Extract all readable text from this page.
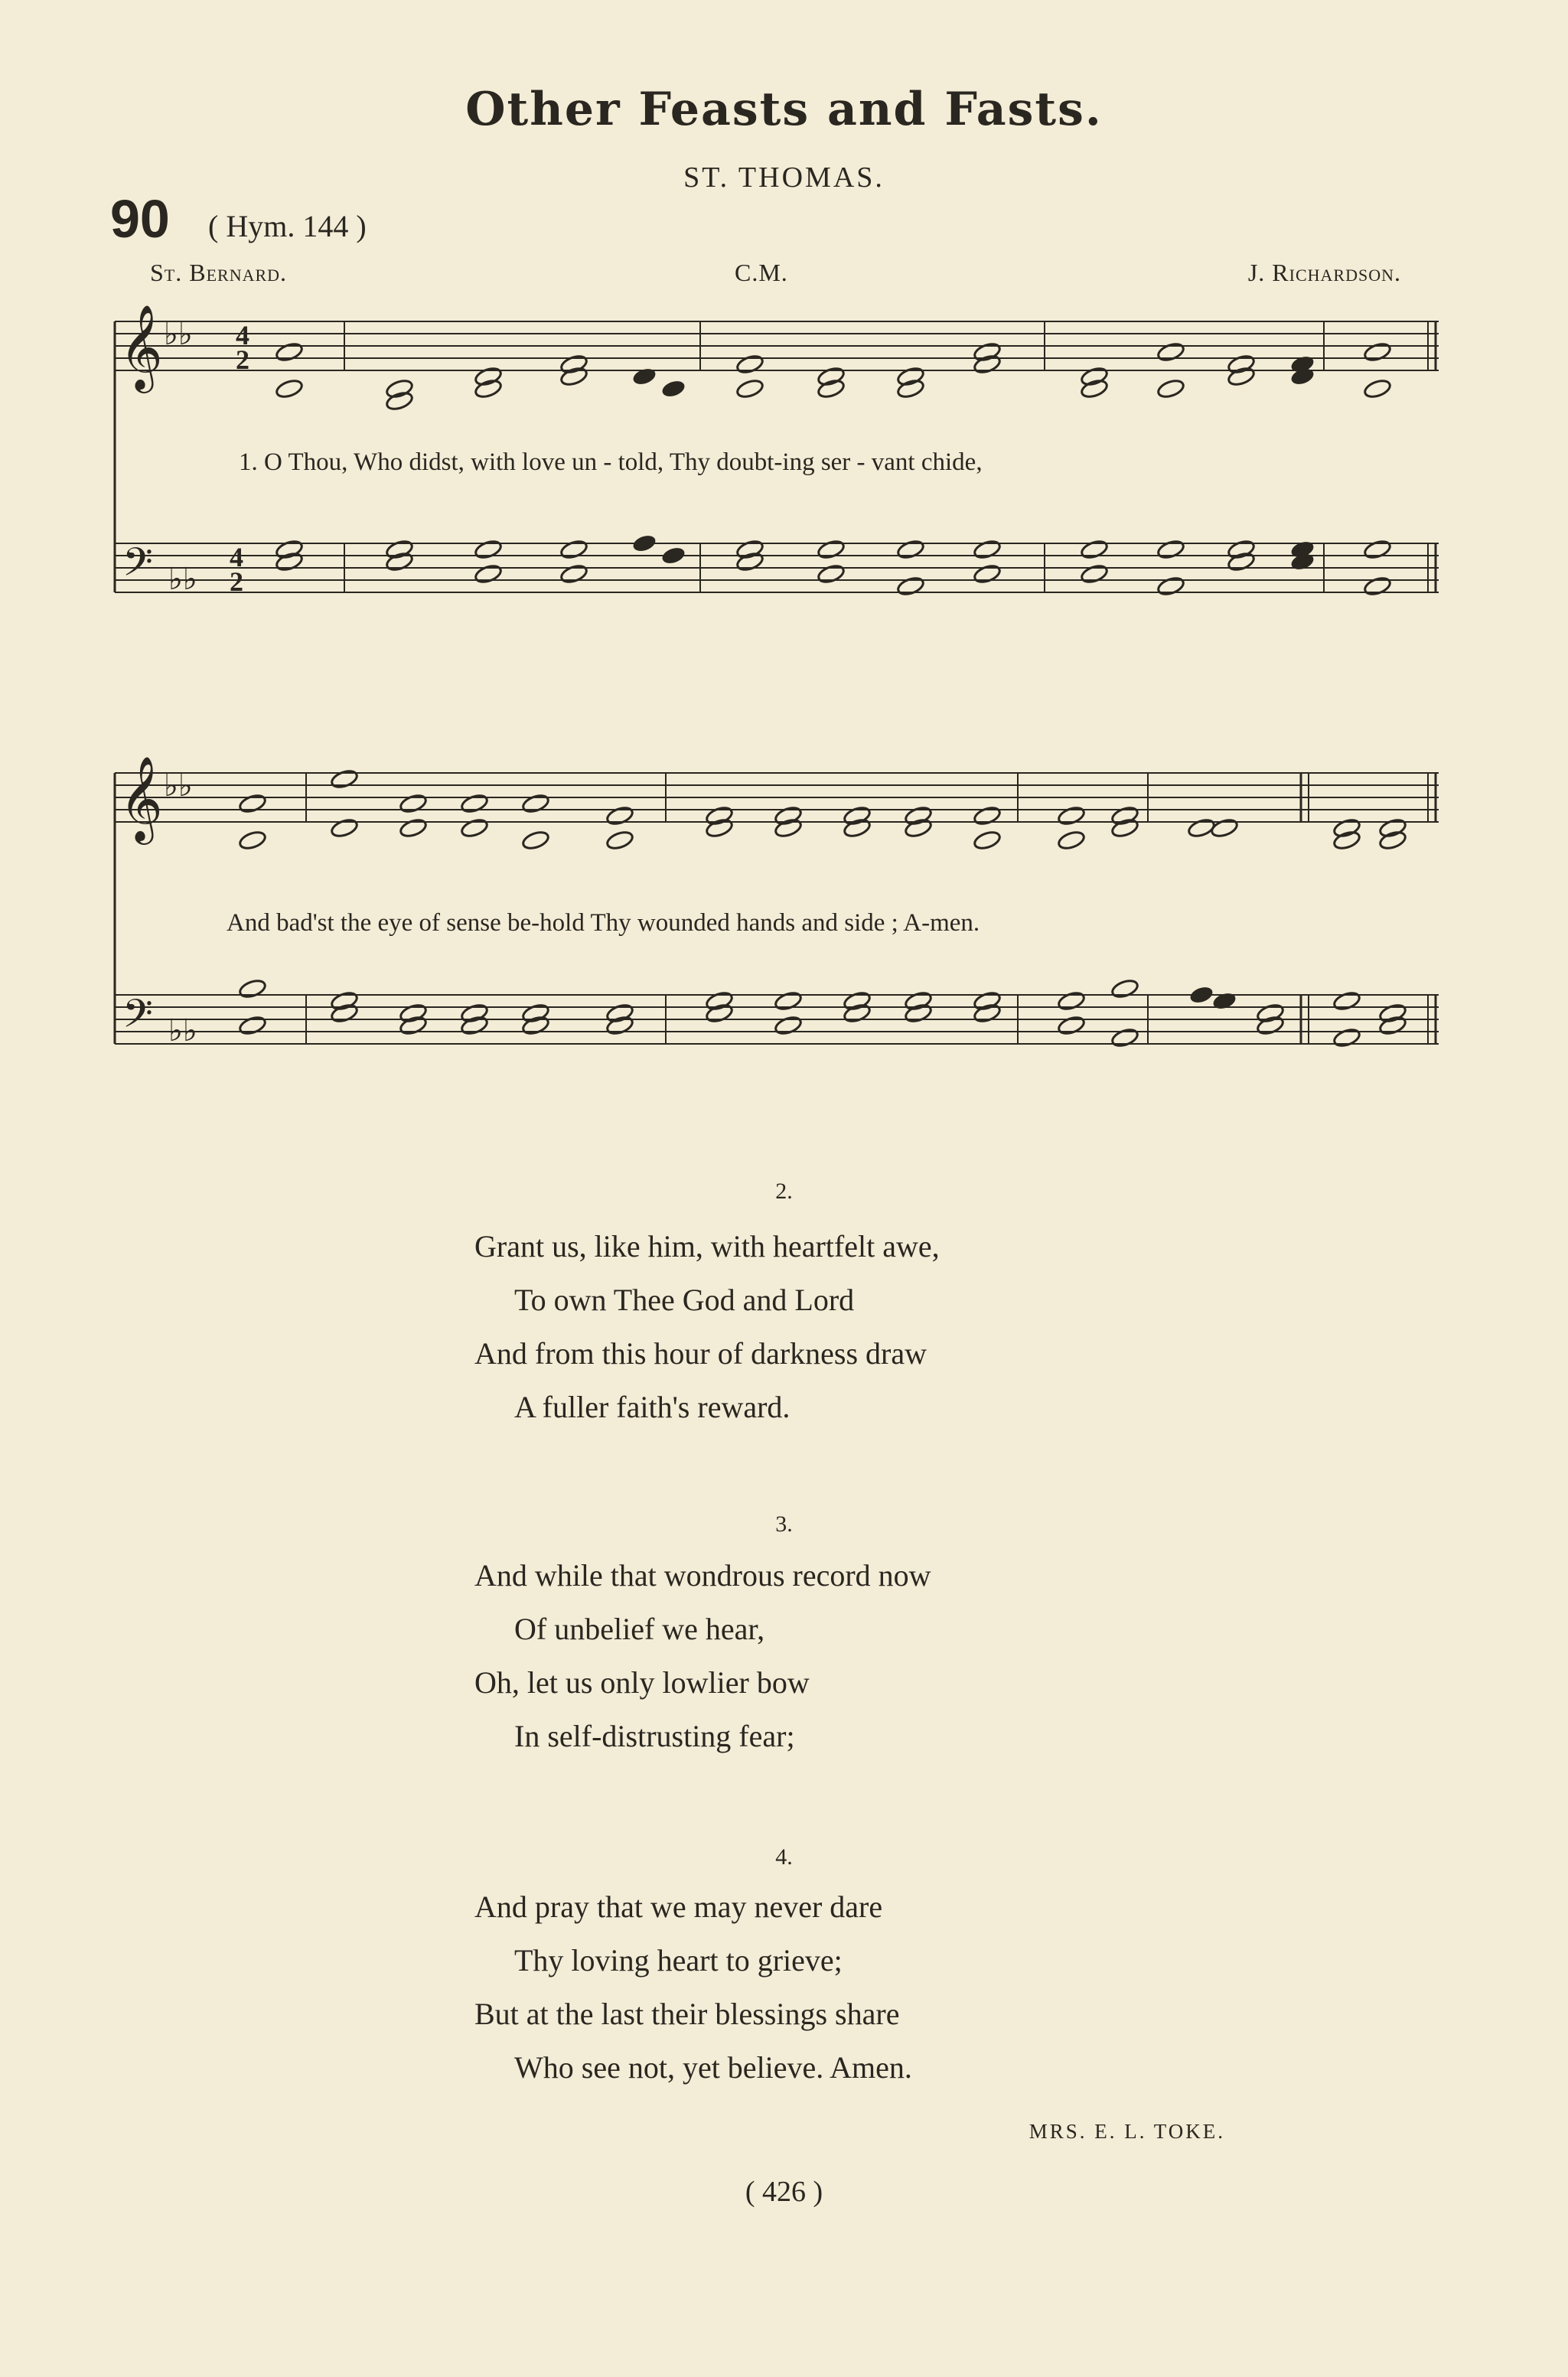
Other Feasts and Fasts.
ST. THOMAS.
90 ( Hym. 144 )
St. Bernard.	C.M.	J. Richardson.
𝄞 ♭♭ 4
2
𝄢 ♭♭
4
2
𝄞 ♭♭
𝄢 ♭♭
1. O Thou, Who didst, with love un - told, Thy doubt-ing ser - vant chide,
And bad'st the eye of sense be-hold Thy wounded hands and side ; A-men.
2.
Grant us, like him, with heartfelt awe,
To own Thee God and Lord
And from this hour of darkness draw
A fuller faith's reward.
3.
And while that wondrous record now
Of unbelief we hear,
Oh, let us only lowlier bow
In self-distrusting fear;
4.
And pray that we may never dare
Thy loving heart to grieve;
But at the last their blessings share
Who see not, yet believe. Amen.
MRS. E. L. TOKE.
( 426 )
